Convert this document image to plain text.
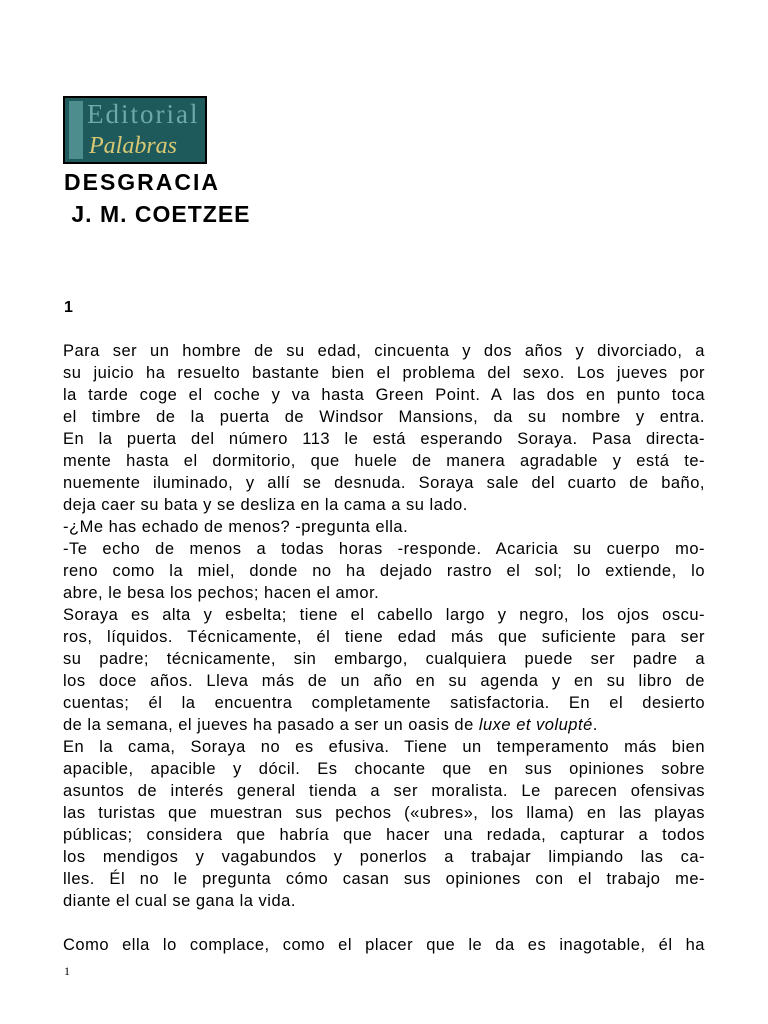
Editorial
Palabras
DESGRACIA
J. M. COETZEE
1

Para ser un hombre de su edad, cincuenta y dos años y divorciado, a

su juicio ha resuelto bastante bien el problema del sexo. Los jueves por

la tarde coge el coche y va hasta Green Point. A las dos en punto toca

el timbre de la puerta de Windsor Mansions, da su nombre y entra.

En la puerta del número 113 le está esperando Soraya. Pasa directa-

mente hasta el dormitorio, que huele de manera agradable y está te-

nuemente iluminado, y allí se desnuda. Soraya sale del cuarto de baño,

deja caer su bata y se desliza en la cama a su lado.

-¿Me has echado de menos? -pregunta ella.

-Te echo de menos a todas horas -responde. Acaricia su cuerpo mo-

reno como la miel, donde no ha dejado rastro el sol; lo extiende, lo

abre, le besa los pechos; hacen el amor.

Soraya es alta y esbelta; tiene el cabello largo y negro, los ojos oscu-

ros, líquidos. Técnicamente, él tiene edad más que suficiente para ser

su padre; técnicamente, sin embargo, cualquiera puede ser padre a

los doce años. Lleva más de un año en su agenda y en su libro de

cuentas; él la encuentra completamente satisfactoria. En el desierto

de la semana, el jueves ha pasado a ser un oasis de luxe et volupté.

En la cama, Soraya no es efusiva. Tiene un temperamento más bien

apacible, apacible y dócil. Es chocante que en sus opiniones sobre

asuntos de interés general tienda a ser moralista. Le parecen ofensivas

las turistas que muestran sus pechos («ubres», los llama) en las playas

públicas; considera que habría que hacer una redada, capturar a todos

los mendigos y vagabundos y ponerlos a trabajar limpiando las ca-

lles. Él no le pregunta cómo casan sus opiniones con el trabajo me-

diante el cual se gana la vida.

Como ella lo complace, como el placer que le da es inagotable, él ha

1
